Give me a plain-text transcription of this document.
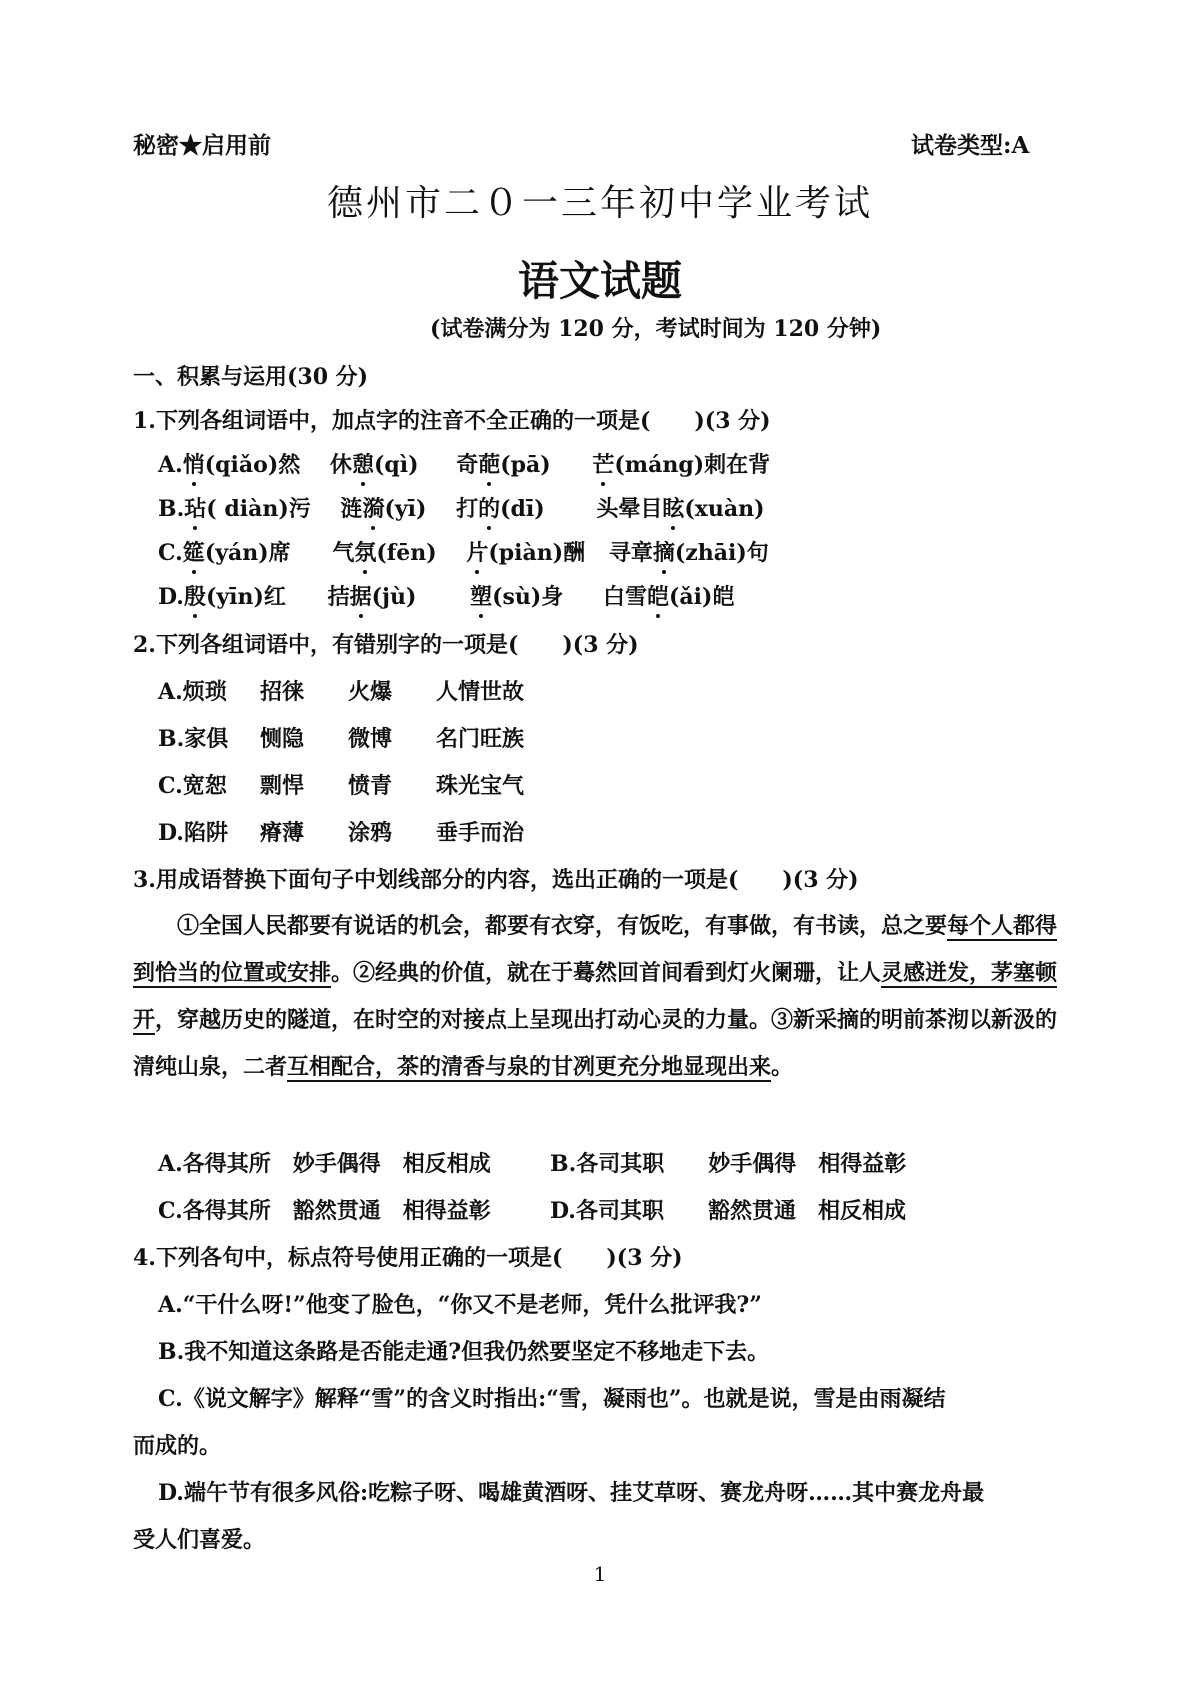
秘密★启用前	试卷类型:A
德州市二０一三年初中学业考试
语文试题
(试卷满分为 120 分，考试时间为 120 分钟)
一、积累与运用(30 分)
1.下列各组词语中，加点字的注音不全正确的一项是(　　)(3 分)
A.悄(qiǎo)然 休憩(qì) 奇葩(pā) 芒(máng)刺在背
B.玷( diàn)污 涟漪(yī) 打的(dī) 头晕目眩(xuàn)
C.筵(yán)席 气氛(fēn) 片(piàn)酬 寻章摘(zhāi)句
D.殷(yīn)红 拮据(jù) 塑(sù)身 白雪皑(ǎi)皑
2.下列各组词语中，有错别字的一项是(　　)(3 分)
A.烦琐 招徕 火爆 人情世故
B.家俱 恻隐 微博 名门旺族
C.宽恕 剽悍 愤青 珠光宝气
D.陷阱 瘠薄 涂鸦 垂手而治
3.用成语替换下面句子中划线部分的内容，选出正确的一项是(　　)(3 分)

　　①全国人民都要有说话的机会，都要有衣穿，有饭吃，有事做，有书读，总之要每个人都得到恰当的位置或安排。②经典的价值，就在于蓦然回首间看到灯火阑珊，让人灵感迸发，茅塞顿开，穿越历史的隧道，在时空的对接点上呈现出打动心灵的力量。③新采摘的明前茶沏以新汲的清纯山泉，二者互相配合，茶的清香与泉的甘冽更充分地显现出来。

A.各得其所　妙手偶得　相反相成	B.各司其职　　妙手偶得　相得益彰
C.各得其所　豁然贯通　相得益彰	D.各司其职　　豁然贯通　相反相成
4.下列各句中，标点符号使用正确的一项是(　　)(3 分)
A.“干什么呀!”他变了脸色，“你又不是老师，凭什么批评我?”
B.我不知道这条路是否能走通?但我仍然要坚定不移地走下去。
C.《说文解字》解释“雪”的含义时指出:“雪，凝雨也”。也就是说，雪是由雨凝结
而成的。
D.端午节有很多风俗:吃粽子呀、喝雄黄酒呀、挂艾草呀、赛龙舟呀……其中赛龙舟最
受人们喜爱。
1
